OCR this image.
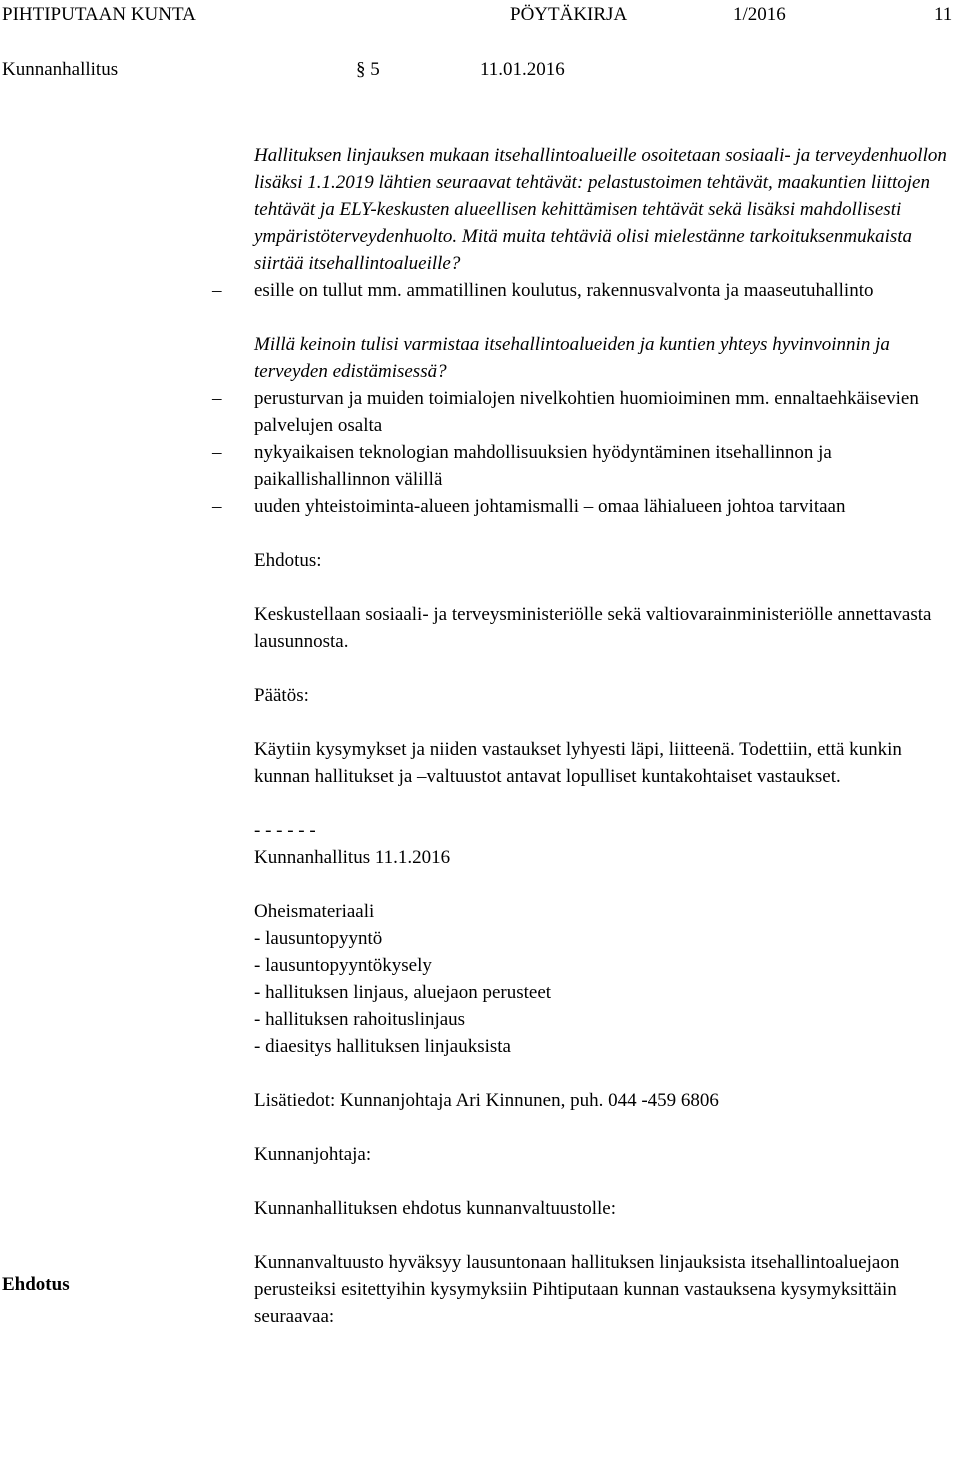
PIHTIPUTAAN KUNTA	PÖYTÄKIRJA	1/2016	11
Kunnanhallitus	§ 5	11.01.2016

Hallituksen linjauksen mukaan itsehallintoalueille osoitetaan sosiaali- ja terveydenhuollon lisäksi 1.1.2019 lähtien seuraavat tehtävät: pelastustoimen tehtävät, maakuntien liittojen tehtävät ja ELY-keskusten alueellisen kehittämisen tehtävät sekä lisäksi mahdollisesti ympäristöterveydenhuolto. Mitä muita tehtäviä olisi mielestänne tarkoituksenmukaista siirtää itsehallintoalueille?

– esille on tullut mm. ammatillinen koulutus, rakennusvalvonta ja maaseutuhallinto

Millä keinoin tulisi varmistaa itsehallintoalueiden ja kuntien yhteys hyvinvoinnin ja terveyden edistämisessä?

– perusturvan ja muiden toimialojen nivelkohtien huomioiminen mm. ennaltaehkäisevien palvelujen osalta

– nykyaikaisen teknologian mahdollisuuksien hyödyntäminen itsehallinnon ja paikallishallinnon välillä

– uuden yhteistoiminta-alueen johtamismalli – omaa lähialueen johtoa tarvitaan

Ehdotus:

Keskustellaan sosiaali- ja terveysministeriölle sekä valtiovarainministeriölle annettavasta lausunnosta.

Päätös:

Käytiin kysymykset ja niiden vastaukset lyhyesti läpi, liitteenä. Todettiin, että kunkin kunnan hallitukset ja –valtuustot antavat lopulliset kuntakohtaiset vastaukset.

- - - - - -

Kunnanhallitus 11.1.2016

Oheismateriaali

- lausuntopyyntö

- lausuntopyyntökysely

- hallituksen linjaus, aluejaon perusteet

- hallituksen rahoituslinjaus

- diaesitys hallituksen linjauksista

Lisätiedot: Kunnanjohtaja Ari Kinnunen, puh. 044 -459 6806

Kunnanjohtaja:

Kunnanhallituksen ehdotus kunnanvaltuustolle:

Kunnanvaltuusto hyväksyy lausuntonaan hallituksen linjauksista itsehallintoaluejaon perusteiksi esitettyihin kysymyksiin Pihtiputaan kunnan vastauksena kysymyksittäin seuraavaa:

Ehdotus
